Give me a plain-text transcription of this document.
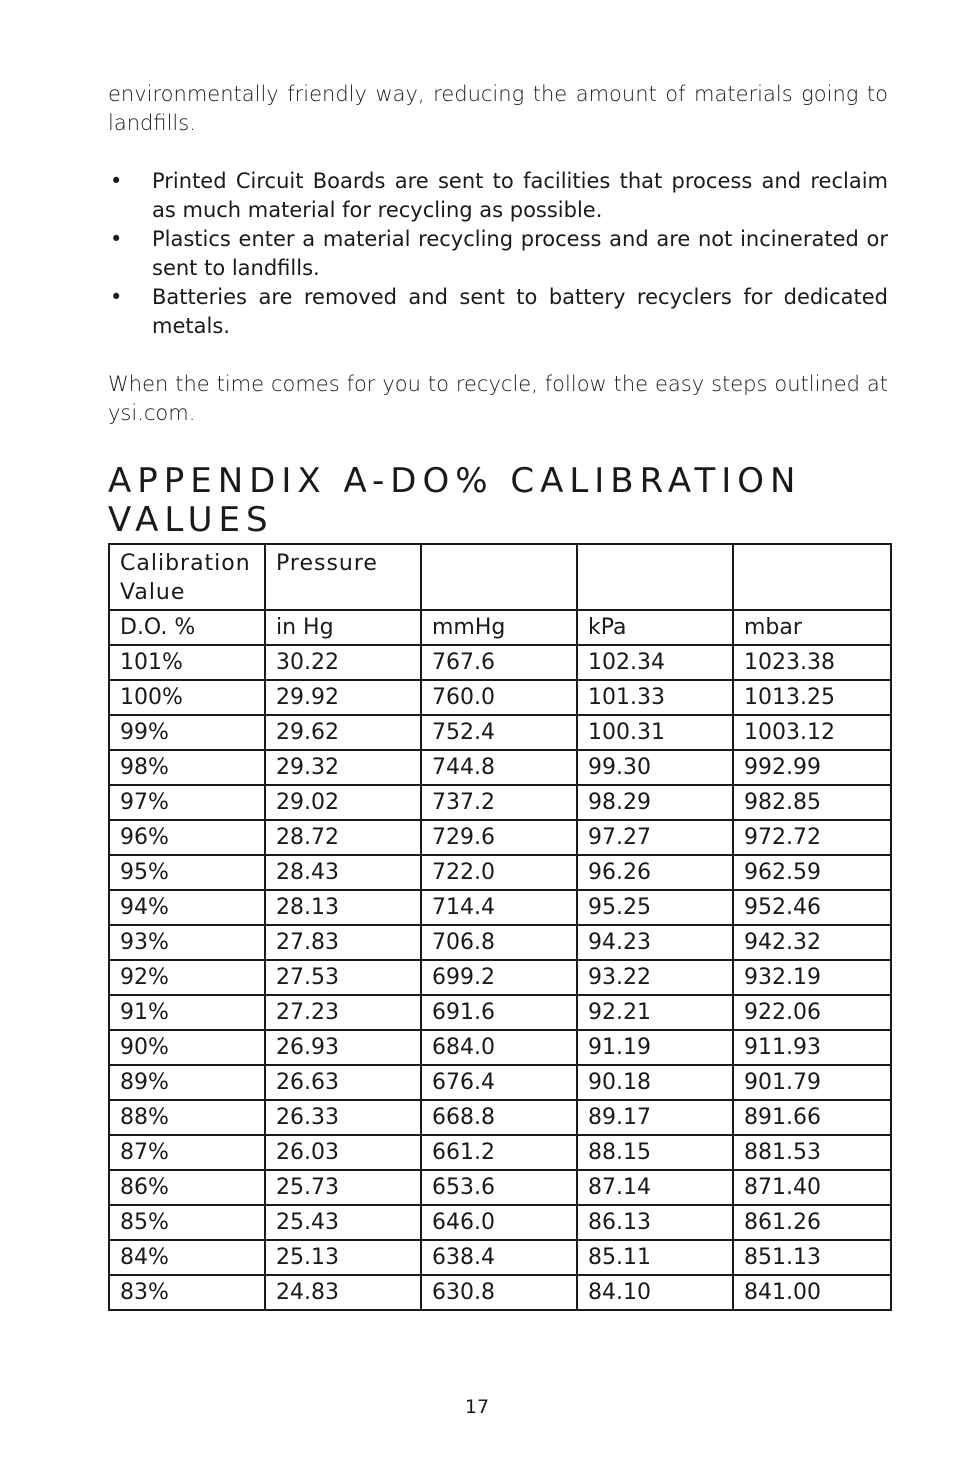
environmentally friendly way, reducing the amount of materials going to landfills.

• Printed Circuit Boards are sent to facilities that process and reclaim as much material for recycling as possible.
• Plastics enter a material recycling process and are not incinerated or sent to landfills.
• Batteries are removed and sent to battery recyclers for dedicated metals.

When the time comes for you to recycle, follow the easy steps outlined at ysi.com.

APPENDIX A-DO% CALIBRATION VALUES
Calibration Value	Pressure			
D.O. %	in Hg	mmHg	kPa	mbar
101%	30.22	767.6	102.34	1023.38
100%	29.92	760.0	101.33	1013.25
99%	29.62	752.4	100.31	1003.12
98%	29.32	744.8	99.30	992.99
97%	29.02	737.2	98.29	982.85
96%	28.72	729.6	97.27	972.72
95%	28.43	722.0	96.26	962.59
94%	28.13	714.4	95.25	952.46
93%	27.83	706.8	94.23	942.32
92%	27.53	699.2	93.22	932.19
91%	27.23	691.6	92.21	922.06
90%	26.93	684.0	91.19	911.93
89%	26.63	676.4	90.18	901.79
88%	26.33	668.8	89.17	891.66
87%	26.03	661.2	88.15	881.53
86%	25.73	653.6	87.14	871.40
85%	25.43	646.0	86.13	861.26
84%	25.13	638.4	85.11	851.13
83%	24.83	630.8	84.10	841.00
17
